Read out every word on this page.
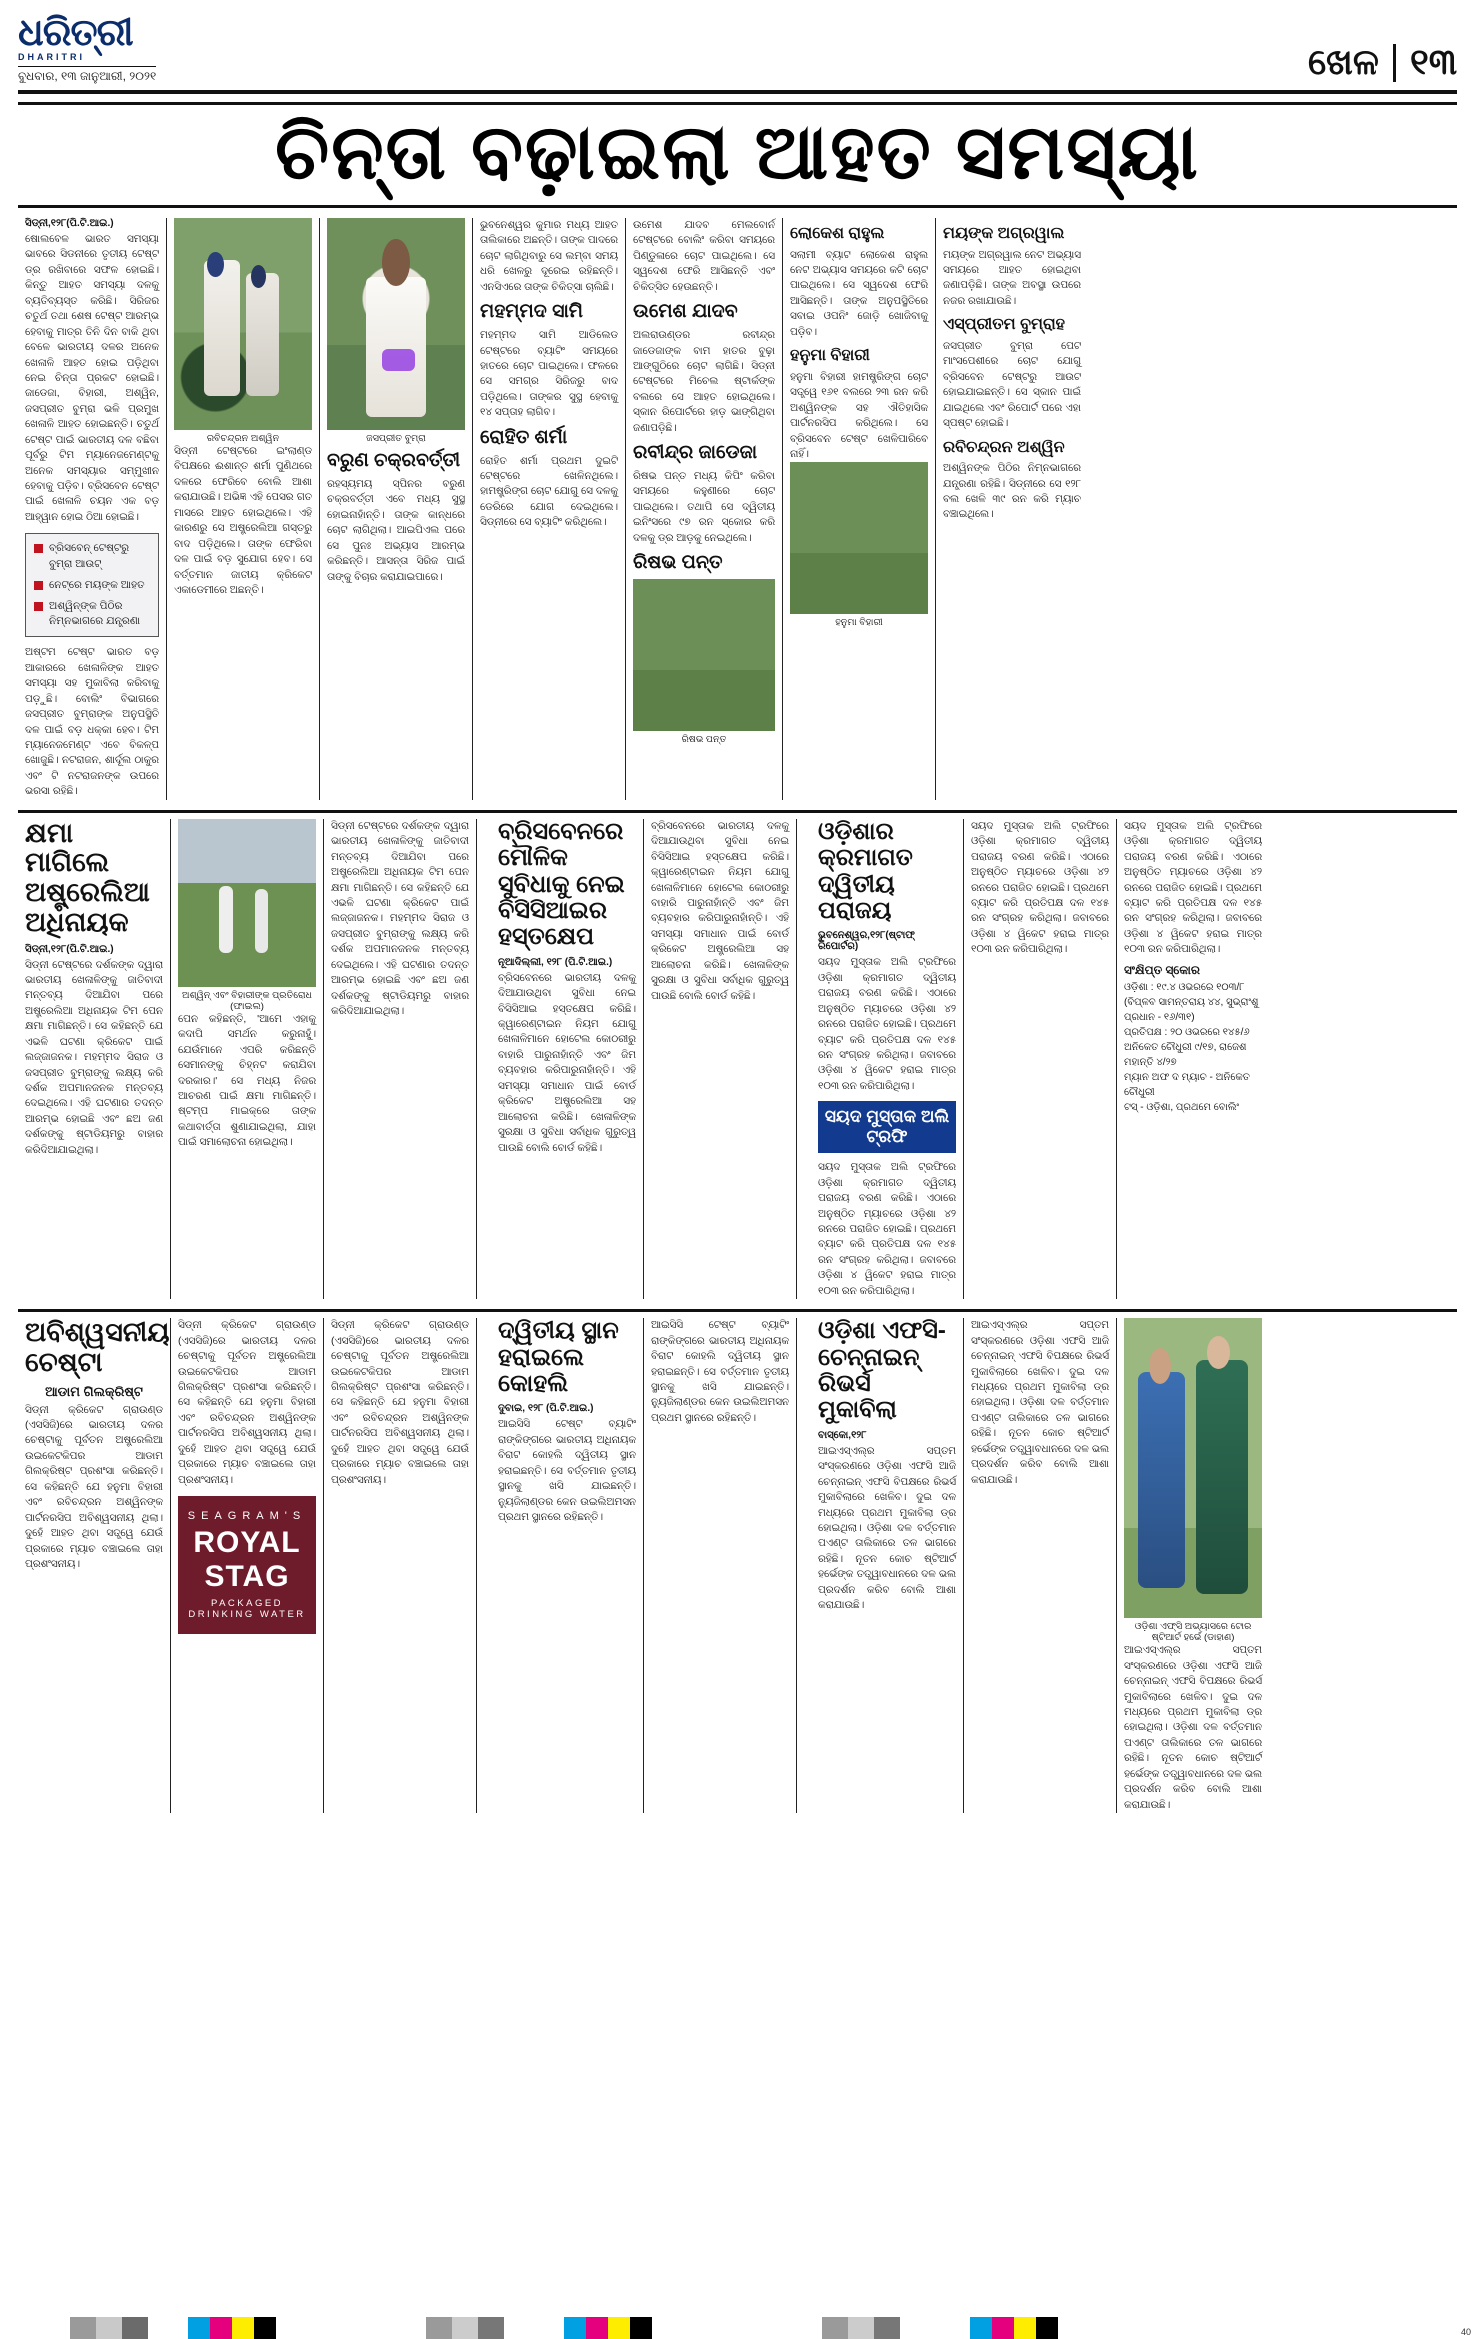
ଧରିତ୍ରୀ
DHARITRI
ବୁଧବାର, ୧୩ ଜାନୁଆରୀ, ୨୦୨୧	ଖେଳ ୧୩
ଚିନ୍ତା ବଢ଼ାଇଲା ଆହତ ସମସ୍ୟା
ସିଡ୍ନୀ,୧୨୮(ପି.ଟି.ଆଇ.)
ଷୋଲବେଳ ଭାରତ ସମସ୍ୟା ଭାବରେ ସିଡନୀରେ ତୃତୀୟ ଟେଷ୍ଟ ଡ୍ର ରଖିବାରେ ସଫଳ ହୋଇଛି। କିନ୍ତୁ ଆହତ ସମସ୍ୟା ଦଳକୁ ବ୍ୟତିବ୍ୟସ୍ତ କରିଛି। ସିରିଜର ଚତୁର୍ଥ ତଥା ଶେଷ ଟେଷ୍ଟ ଆରମ୍ଭ ହେବାକୁ ମାତ୍ର ତିନି ଦିନ ବାକି ଥିବା ବେଳେ ଭାରତୀୟ ଦଳର ଅନେକ ଖେଳାଳି ଆହତ ହୋଇ ପଡ଼ିଥିବା ନେଇ ଚିନ୍ତା ପ୍ରକଟ ହୋଇଛି। ଜାଡେଜା, ବିହାରୀ, ଅଶ୍ୱିନ, ଜସପ୍ରୀତ ବୁମ୍ରା ଭଳି ପ୍ରମୁଖ ଖେଳାଳି ଆହତ ହୋଇଛନ୍ତି। ଚତୁର୍ଥ ଟେଷ୍ଟ ପାଇଁ ଭାରତୀୟ ଦଳ ବଛିବା ପୂର୍ବରୁ ଟିମ ମ୍ୟାନେଜମେଣ୍ଟକୁ ଅନେକ ସମସ୍ୟାର ସମ୍ମୁଖୀନ ହେବାକୁ ପଡ଼ିବ। ବ୍ରିସବେନ ଟେଷ୍ଟ ପାଇଁ ଖେଳାଳି ଚୟନ ଏକ ବଡ଼ ଆହ୍ୱାନ ହୋଇ ଠିଆ ହୋଇଛି।
ବ୍ରିସବେନ୍ ଟେଷ୍ଟରୁ ବୁମ୍ରା ଆଉଟ୍
ନେଟ୍‌ରେ ମୟଙ୍କ ଆହତ
ଅଶ୍ୱିନ୍‌ଙ୍କ ପିଠିର ନିମ୍ନଭାଗରେ ଯନ୍ତ୍ରଣା
ଅଷ୍ଟମ ଟେଷ୍ଟ ଭାରତ ବଡ଼ ଆକାରରେ ଖେଳାଳିଙ୍କ ଆହତ ସମସ୍ୟା ସହ ମୁକାବିଲା କରିବାକୁ ପଡ଼ୁଛି। ବୋଲିଂ ବିଭାଗରେ ଜସପ୍ରୀତ ବୁମ୍ରାଙ୍କ ଅନୁପସ୍ଥିତି ଦଳ ପାଇଁ ବଡ଼ ଧକ୍କା ହେବ। ଟିମ ମ୍ୟାନେଜମେଣ୍ଟ ଏବେ ବିକଳ୍ପ ଖୋଜୁଛି। ନଟରାଜନ, ଶାର୍ଦୂଲ ଠାକୁର ଏବଂ ଟି ନଟରାଜନଙ୍କ ଉପରେ ଭରସା ରହିଛି।
ରବିଚନ୍ଦ୍ରନ ଅଶ୍ୱିନ
ସିଡ୍ନୀ ଟେଷ୍ଟରେ ଇଂଲାଣ୍ଡ ବିପକ୍ଷରେ ଈଶାନ୍ତ ଶର୍ମା ପୁଣିଥରେ ଦଳରେ ଫେରିବେ ବୋଲି ଆଶା କରାଯାଉଛି। ଅଭିଜ୍ଞ ଏହି ପେସର ଗତ ମାସରେ ଆହତ ହୋଇଥିଲେ। ଏହି କାରଣରୁ ସେ ଅଷ୍ଟ୍ରେଲିଆ ଗସ୍ତରୁ ବାଦ ପଡ଼ିଥିଲେ। ତାଙ୍କ ଫେରିବା ଦଳ ପାଇଁ ବଡ଼ ସୁଯୋଗ ହେବ। ସେ ବର୍ତ୍ତମାନ ଜାତୀୟ କ୍ରିକେଟ ଏକାଡେମୀରେ ଅଛନ୍ତି।
ଜସପ୍ରୀତ ବୁମ୍ରା
ବରୁଣ ଚକ୍ରବର୍ତ୍ତୀ
ରହସ୍ୟମୟ ସ୍ପିନର ବରୁଣ ଚକ୍ରବର୍ତ୍ତୀ ଏବେ ମଧ୍ୟ ସୁସ୍ଥ ହୋଇନାହାଁନ୍ତି। ତାଙ୍କ କାନ୍ଧରେ ଚୋଟ ଲାଗିଥିଲା। ଆଇପିଏଲ ପରେ ସେ ପୁନଃ ଅଭ୍ୟାସ ଆରମ୍ଭ କରିଛନ୍ତି। ଆସନ୍ତା ସିରିଜ ପାଇଁ ତାଙ୍କୁ ବିଚାର କରାଯାଇପାରେ।
ଭୁବନେଶ୍ୱର କୁମାର ମଧ୍ୟ ଆହତ ତାଲିକାରେ ଅଛନ୍ତି। ତାଙ୍କ ପାଦରେ ଚୋଟ ଲାଗିଥିବାରୁ ସେ ଲମ୍ବା ସମୟ ଧରି ଖେଳରୁ ଦୂରେଇ ରହିଛନ୍ତି। ଏନସିଏରେ ତାଙ୍କ ଚିକିତ୍ସା ଚାଲିଛି।
ମହମ୍ମଦ ସାମି
ମହମ୍ମଦ ସାମି ଆଡିଲେଡ ଟେଷ୍ଟରେ ବ୍ୟାଟିଂ ସମୟରେ ହାତରେ ଚୋଟ ପାଇଥିଲେ। ଫଳରେ ସେ ସମଗ୍ର ସିରିଜରୁ ବାଦ ପଡ଼ିଥିଲେ। ତାଙ୍କର ସୁସ୍ଥ ହେବାକୁ ୧୪ ସପ୍ତାହ ଲାଗିବ।
ରୋହିତ ଶର୍ମା
ରୋହିତ ଶର୍ମା ପ୍ରଥମ ଦୁଇଟି ଟେଷ୍ଟରେ ଖେଳିନଥିଲେ। ହାମଷ୍ଟ୍ରିଙ୍ଗ ଚୋଟ ଯୋଗୁ ସେ ଦଳକୁ ଡେରିରେ ଯୋଗ ଦେଇଥିଲେ। ସିଡ୍ନୀରେ ସେ ବ୍ୟାଟିଂ କରିଥିଲେ।
ଉମେଶ ଯାଦବ ମେଲବୋର୍ନ ଟେଷ୍ଟରେ ବୋଲିଂ କରିବା ସମୟରେ ପିଣ୍ଡୁଳାରେ ଚୋଟ ପାଇଥିଲେ। ସେ ସ୍ୱଦେଶ ଫେରି ଆସିଛନ୍ତି ଏବଂ ଚିକିତ୍ସିତ ହେଉଛନ୍ତି।
ଉମେଶ ଯାଦବ
ଅଲରାଉଣ୍ଡର ରବୀନ୍ଦ୍ର ଜାଡେଜାଙ୍କ ବାମ ହାତର ବୁଢ଼ା ଆଙ୍ଗୁଠିରେ ଚୋଟ ଲାଗିଛି। ସିଡ୍ନୀ ଟେଷ୍ଟରେ ମିଚେଲ ଷ୍ଟାର୍କଙ୍କ ବଲରେ ସେ ଆହତ ହୋଇଥିଲେ। ସ୍କାନ ରିପୋର୍ଟରେ ହାଡ଼ ଭାଙ୍ଗିଥିବା ଜଣାପଡ଼ିଛି।
ରବୀନ୍ଦ୍ର ଜାଡେଜା
ରିଷଭ ପନ୍ତ ମଧ୍ୟ କିପିଂ କରିବା ସମୟରେ କହୁଣୀରେ ଚୋଟ ପାଇଥିଲେ। ତଥାପି ସେ ଦ୍ୱିତୀୟ ଇନିଂସରେ ୯୭ ରନ ସ୍କୋର କରି ଦଳକୁ ଡ୍ର ଆଡ଼କୁ ନେଇଥିଲେ।
ରିଷଭ ପନ୍ତ
ରିଷଭ ପନ୍ତ
ଲୋକେଶ ରାହୁଲ
ସଲାମୀ ବ୍ୟାଟ ଲୋକେଶ ରାହୁଲ ନେଟ ଅଭ୍ୟାସ ସମୟରେ କଟି ଚୋଟ ପାଇଥିଲେ। ସେ ସ୍ୱଦେଶ ଫେରି ଆସିଛନ୍ତି। ତାଙ୍କ ଅନୁପସ୍ଥିତିରେ ସବାଇ ଓପନିଂ ଜୋଡ଼ି ଖୋଜିବାକୁ ପଡ଼ିବ।
ହନୁମା ବିହାରୀ
ହନୁମା ବିହାରୀ ହାମଷ୍ଟ୍ରିଙ୍ଗ ଚୋଟ ସତ୍ତ୍ୱେ ୧୬୧ ବଲରେ ୨୩ ରନ କରି ଅଶ୍ୱିନଙ୍କ ସହ ଐତିହାସିକ ପାର୍ଟନରସିପ କରିଥିଲେ। ସେ ବ୍ରିସବେନ ଟେଷ୍ଟ ଖେଳିପାରିବେ ନାହିଁ।
ହନୁମା ବିହାରୀ
ମୟଙ୍କ ଅଗ୍ରୱାଲ
ମୟଙ୍କ ଅଗ୍ରୱାଲ ନେଟ ଅଭ୍ୟାସ ସମୟରେ ଆହତ ହୋଇଥିବା ଜଣାପଡ଼ିଛି। ତାଙ୍କ ଅବସ୍ଥା ଉପରେ ନଜର ରଖାଯାଉଛି।
ଏସ୍‌ପ୍ରୀତମ ବୁମ୍ରାହ
ଜସପ୍ରୀତ ବୁମ୍ରା ପେଟ ମାଂସପେଶୀରେ ଚୋଟ ଯୋଗୁ ବ୍ରିସବେନ ଟେଷ୍ଟରୁ ଆଉଟ ହୋଇଯାଇଛନ୍ତି। ସେ ସ୍କାନ ପାଇଁ ଯାଇଥିଲେ ଏବଂ ରିପୋର୍ଟ ପରେ ଏହା ସ୍ପଷ୍ଟ ହୋଇଛି।
ରବିଚନ୍ଦ୍ରନ ଅଶ୍ୱିନ
ଅଶ୍ୱିନଙ୍କ ପିଠିର ନିମ୍ନଭାଗରେ ଯନ୍ତ୍ରଣା ରହିଛି। ସିଡ୍ନୀରେ ସେ ୧୨୮ ବଲ ଖେଳି ୩୯ ରନ କରି ମ୍ୟାଚ ବଞ୍ଚାଇଥିଲେ।
କ୍ଷମା ମାଗିଲେ ଅଷ୍ଟ୍ରେଲିଆ ଅଧିନାୟକ
ସିଡ୍ନୀ,୧୨୮(ପି.ଟି.ଆଇ.)
ସିଡ୍ନୀ ଟେଷ୍ଟରେ ଦର୍ଶକଙ୍କ ଦ୍ୱାରା ଭାରତୀୟ ଖେଳାଳିଙ୍କୁ ଜାତିବାଦୀ ମନ୍ତବ୍ୟ ଦିଆଯିବା ପରେ ଅଷ୍ଟ୍ରେଲିଆ ଅଧିନାୟକ ଟିମ ପେନ କ୍ଷମା ମାଗିଛନ୍ତି। ସେ କହିଛନ୍ତି ଯେ ଏଭଳି ଘଟଣା କ୍ରିକେଟ ପାଇଁ ଲଜ୍ଜାଜନକ। ମହମ୍ମଦ ସିରାଜ ଓ ଜସପ୍ରୀତ ବୁମ୍ରାଙ୍କୁ ଲକ୍ଷ୍ୟ କରି ଦର୍ଶକ ଅପମାନଜନକ ମନ୍ତବ୍ୟ ଦେଇଥିଲେ। ଏହି ଘଟଣାର ତଦନ୍ତ ଆରମ୍ଭ ହୋଇଛି ଏବଂ ଛଅ ଜଣ ଦର୍ଶକଙ୍କୁ ଷ୍ଟାଡିୟମରୁ ବାହାର କରିଦିଆଯାଇଥିଲା।
ଅଶ୍ୱିନ୍ ଏବଂ ବିହାରୀଙ୍କ ପ୍ରତିରୋଧ (ଫାଇଲ)
ପେନ କହିଛନ୍ତି, 'ଆମେ ଏହାକୁ କଦାପି ସମର୍ଥନ କରୁନାହୁଁ। ଯେଉଁମାନେ ଏପରି କରିଛନ୍ତି ସେମାନଙ୍କୁ ଚିହ୍ନଟ କରାଯିବା ଦରକାର।' ସେ ମଧ୍ୟ ନିଜର ଆଚରଣ ପାଇଁ କ୍ଷମା ମାଗିଛନ୍ତି। ଷ୍ଟମ୍ପ ମାଇକ୍‌ରେ ତାଙ୍କ କଥାବାର୍ତ୍ତା ଶୁଣାଯାଇଥିଲା, ଯାହା ପାଇଁ ସମାଲୋଚନା ହୋଇଥିଲା।
ସିଡ୍ନୀ ଟେଷ୍ଟରେ ଦର୍ଶକଙ୍କ ଦ୍ୱାରା ଭାରତୀୟ ଖେଳାଳିଙ୍କୁ ଜାତିବାଦୀ ମନ୍ତବ୍ୟ ଦିଆଯିବା ପରେ ଅଷ୍ଟ୍ରେଲିଆ ଅଧିନାୟକ ଟିମ ପେନ କ୍ଷମା ମାଗିଛନ୍ତି। ସେ କହିଛନ୍ତି ଯେ ଏଭଳି ଘଟଣା କ୍ରିକେଟ ପାଇଁ ଲଜ୍ଜାଜନକ। ମହମ୍ମଦ ସିରାଜ ଓ ଜସପ୍ରୀତ ବୁମ୍ରାଙ୍କୁ ଲକ୍ଷ୍ୟ କରି ଦର୍ଶକ ଅପମାନଜନକ ମନ୍ତବ୍ୟ ଦେଇଥିଲେ। ଏହି ଘଟଣାର ତଦନ୍ତ ଆରମ୍ଭ ହୋଇଛି ଏବଂ ଛଅ ଜଣ ଦର୍ଶକଙ୍କୁ ଷ୍ଟାଡିୟମରୁ ବାହାର କରିଦିଆଯାଇଥିଲା।
ବ୍ରିସବେନରେ ମୌଳିକ ସୁବିଧାକୁ ନେଇ ବିସିସିଆଇର ହସ୍ତକ୍ଷେପ
ନୂଆଦିଲ୍ଲୀ, ୧୨୮ (ପି.ଟି.ଆଇ.)
ବ୍ରିସବେନରେ ଭାରତୀୟ ଦଳକୁ ଦିଆଯାଉଥିବା ସୁବିଧା ନେଇ ବିସିସିଆଇ ହସ୍ତକ୍ଷେପ କରିଛି। କ୍ୱାରେଣ୍ଟାଇନ ନିୟମ ଯୋଗୁ ଖେଳାଳିମାନେ ହୋଟେଲ କୋଠରୀରୁ ବାହାରି ପାରୁନାହାଁନ୍ତି ଏବଂ ଜିମ ବ୍ୟବହାର କରିପାରୁନାହାଁନ୍ତି। ଏହି ସମସ୍ୟା ସମାଧାନ ପାଇଁ ବୋର୍ଡ କ୍ରିକେଟ ଅଷ୍ଟ୍ରେଲିଆ ସହ ଆଲୋଚନା କରିଛି। ଖେଳାଳିଙ୍କ ସୁରକ୍ଷା ଓ ସୁବିଧା ସର୍ବାଧିକ ଗୁରୁତ୍ୱ ପାଉଛି ବୋଲି ବୋର୍ଡ କହିଛି।
ବ୍ରିସବେନରେ ଭାରତୀୟ ଦଳକୁ ଦିଆଯାଉଥିବା ସୁବିଧା ନେଇ ବିସିସିଆଇ ହସ୍ତକ୍ଷେପ କରିଛି। କ୍ୱାରେଣ୍ଟାଇନ ନିୟମ ଯୋଗୁ ଖେଳାଳିମାନେ ହୋଟେଲ କୋଠରୀରୁ ବାହାରି ପାରୁନାହାଁନ୍ତି ଏବଂ ଜିମ ବ୍ୟବହାର କରିପାରୁନାହାଁନ୍ତି। ଏହି ସମସ୍ୟା ସମାଧାନ ପାଇଁ ବୋର୍ଡ କ୍ରିକେଟ ଅଷ୍ଟ୍ରେଲିଆ ସହ ଆଲୋଚନା କରିଛି। ଖେଳାଳିଙ୍କ ସୁରକ୍ଷା ଓ ସୁବିଧା ସର୍ବାଧିକ ଗୁରୁତ୍ୱ ପାଉଛି ବୋଲି ବୋର୍ଡ କହିଛି।
ଓଡ଼ିଶାର କ୍ରମାଗତ ଦ୍ୱିତୀୟ ପରାଜୟ
ଭୁବନେଶ୍ୱର,୧୨୮(ଷ୍ଟାଫ୍ ରିପୋର୍ଟର)
ସୟଦ ମୁସ୍ତାକ ଅଲି ଟ୍ରଫିରେ ଓଡ଼ିଶା କ୍ରମାଗତ ଦ୍ୱିତୀୟ ପରାଜୟ ବରଣ କରିଛି। ଏଠାରେ ଅନୁଷ୍ଠିତ ମ୍ୟାଚରେ ଓଡ଼ିଶା ୪୨ ରନରେ ପରାଜିତ ହୋଇଛି। ପ୍ରଥମେ ବ୍ୟାଟ କରି ପ୍ରତିପକ୍ଷ ଦଳ ୧୪୫ ରନ ସଂଗ୍ରହ କରିଥିଲା। ଜବାବରେ ଓଡ଼ିଶା ୪ ୱିକେଟ ହରାଇ ମାତ୍ର ୧୦୩ ରନ କରିପାରିଥିଲା।
ସୟଦ ମୁସ୍ତାକ ଅଲି ଟ୍ରଫି
ସୟଦ ମୁସ୍ତାକ ଅଲି ଟ୍ରଫିରେ ଓଡ଼ିଶା କ୍ରମାଗତ ଦ୍ୱିତୀୟ ପରାଜୟ ବରଣ କରିଛି। ଏଠାରେ ଅନୁଷ୍ଠିତ ମ୍ୟାଚରେ ଓଡ଼ିଶା ୪୨ ରନରେ ପରାଜିତ ହୋଇଛି। ପ୍ରଥମେ ବ୍ୟାଟ କରି ପ୍ରତିପକ୍ଷ ଦଳ ୧୪୫ ରନ ସଂଗ୍ରହ କରିଥିଲା। ଜବାବରେ ଓଡ଼ିଶା ୪ ୱିକେଟ ହରାଇ ମାତ୍ର ୧୦୩ ରନ କରିପାରିଥିଲା।
ସୟଦ ମୁସ୍ତାକ ଅଲି ଟ୍ରଫିରେ ଓଡ଼ିଶା କ୍ରମାଗତ ଦ୍ୱିତୀୟ ପରାଜୟ ବରଣ କରିଛି। ଏଠାରେ ଅନୁଷ୍ଠିତ ମ୍ୟାଚରେ ଓଡ଼ିଶା ୪୨ ରନରେ ପରାଜିତ ହୋଇଛି। ପ୍ରଥମେ ବ୍ୟାଟ କରି ପ୍ରତିପକ୍ଷ ଦଳ ୧୪୫ ରନ ସଂଗ୍ରହ କରିଥିଲା। ଜବାବରେ ଓଡ଼ିଶା ୪ ୱିକେଟ ହରାଇ ମାତ୍ର ୧୦୩ ରନ କରିପାରିଥିଲା।
ସୟଦ ମୁସ୍ତାକ ଅଲି ଟ୍ରଫିରେ ଓଡ଼ିଶା କ୍ରମାଗତ ଦ୍ୱିତୀୟ ପରାଜୟ ବରଣ କରିଛି। ଏଠାରେ ଅନୁଷ୍ଠିତ ମ୍ୟାଚରେ ଓଡ଼ିଶା ୪୨ ରନରେ ପରାଜିତ ହୋଇଛି। ପ୍ରଥମେ ବ୍ୟାଟ କରି ପ୍ରତିପକ୍ଷ ଦଳ ୧୪୫ ରନ ସଂଗ୍ରହ କରିଥିଲା। ଜବାବରେ ଓଡ଼ିଶା ୪ ୱିକେଟ ହରାଇ ମାତ୍ର ୧୦୩ ରନ କରିପାରିଥିଲା।
ସଂକ୍ଷିପ୍ତ ସ୍କୋର
ଓଡ଼ିଶା : ୧୯.୪ ଓଭରରେ ୧୦୩/୮
(ବିପ୍ଳବ ସାମନ୍ତରାୟ ୪୪, ସୁଭ୍ରାଂଶୁ ପ୍ରଧାନ - ୧୬/୩୧)
ପ୍ରତିପକ୍ଷ : ୨୦ ଓଭରରେ ୧୪୫/୬
ଅନିକେତ ଚୌଧୁରୀ ୯/୧୭, ରାଜେଶ ମହାନ୍ତି ୪/୨୭
ମ୍ୟାନ ଅଫ ଦ ମ୍ୟାଚ - ଅନିକେତ ଚୌଧୁରୀ
ଟସ୍ - ଓଡ଼ିଶା, ପ୍ରଥମେ ବୋଲିଂ
ଅବିଶ୍ୱସନୀୟ ଚେଷ୍ଟା
ଆଡାମ ଗିଲକ୍ରିଷ୍ଟ
ସିଡ୍ନୀ କ୍ରିକେଟ ଗ୍ରାଉଣ୍ଡ (ଏସସିଜି)ରେ ଭାରତୀୟ ଦଳର ଚେଷ୍ଟାକୁ ପୂର୍ବତନ ଅଷ୍ଟ୍ରେଲିଆ ଉଇକେଟକିପର ଆଡାମ ଗିଲକ୍ରିଷ୍ଟ ପ୍ରଶଂସା କରିଛନ୍ତି। ସେ କହିଛନ୍ତି ଯେ ହନୁମା ବିହାରୀ ଏବଂ ରବିଚନ୍ଦ୍ରନ ଅଶ୍ୱିନଙ୍କ ପାର୍ଟନରସିପ ଅବିଶ୍ୱସନୀୟ ଥିଲା। ଦୁହେଁ ଆହତ ଥିବା ସତ୍ତ୍ୱେ ଯେଉଁ ପ୍ରକାରେ ମ୍ୟାଚ ବଞ୍ଚାଇଲେ ତାହା ପ୍ରଶଂସନୀୟ।
ସିଡ୍ନୀ କ୍ରିକେଟ ଗ୍ରାଉଣ୍ଡ (ଏସସିଜି)ରେ ଭାରତୀୟ ଦଳର ଚେଷ୍ଟାକୁ ପୂର୍ବତନ ଅଷ୍ଟ୍ରେଲିଆ ଉଇକେଟକିପର ଆଡାମ ଗିଲକ୍ରିଷ୍ଟ ପ୍ରଶଂସା କରିଛନ୍ତି। ସେ କହିଛନ୍ତି ଯେ ହନୁମା ବିହାରୀ ଏବଂ ରବିଚନ୍ଦ୍ରନ ଅଶ୍ୱିନଙ୍କ ପାର୍ଟନରସିପ ଅବିଶ୍ୱସନୀୟ ଥିଲା। ଦୁହେଁ ଆହତ ଥିବା ସତ୍ତ୍ୱେ ଯେଉଁ ପ୍ରକାରେ ମ୍ୟାଚ ବଞ୍ଚାଇଲେ ତାହା ପ୍ରଶଂସନୀୟ।
SEAGRAM'S
ROYAL STAG
PACKAGED DRINKING WATER
ସିଡ୍ନୀ କ୍ରିକେଟ ଗ୍ରାଉଣ୍ଡ (ଏସସିଜି)ରେ ଭାରତୀୟ ଦଳର ଚେଷ୍ଟାକୁ ପୂର୍ବତନ ଅଷ୍ଟ୍ରେଲିଆ ଉଇକେଟକିପର ଆଡାମ ଗିଲକ୍ରିଷ୍ଟ ପ୍ରଶଂସା କରିଛନ୍ତି। ସେ କହିଛନ୍ତି ଯେ ହନୁମା ବିହାରୀ ଏବଂ ରବିଚନ୍ଦ୍ରନ ଅଶ୍ୱିନଙ୍କ ପାର୍ଟନରସିପ ଅବିଶ୍ୱସନୀୟ ଥିଲା। ଦୁହେଁ ଆହତ ଥିବା ସତ୍ତ୍ୱେ ଯେଉଁ ପ୍ରକାରେ ମ୍ୟାଚ ବଞ୍ଚାଇଲେ ତାହା ପ୍ରଶଂସନୀୟ।
ଦ୍ୱିତୀୟ ସ୍ଥାନ ହରାଇଲେ କୋହଲି
ଦୁବାଇ, ୧୨୮ (ପି.ଟି.ଆଇ.)
ଆଇସିସି ଟେଷ୍ଟ ବ୍ୟାଟିଂ ରାଙ୍କିଙ୍ଗରେ ଭାରତୀୟ ଅଧିନାୟକ ବିରାଟ କୋହଲି ଦ୍ୱିତୀୟ ସ୍ଥାନ ହରାଇଛନ୍ତି। ସେ ବର୍ତ୍ତମାନ ତୃତୀୟ ସ୍ଥାନକୁ ଖସି ଯାଇଛନ୍ତି। ନ୍ୟୁଜିଲାଣ୍ଡର କେନ ଉଇଲିଅମସନ ପ୍ରଥମ ସ୍ଥାନରେ ରହିଛନ୍ତି।
ଆଇସିସି ଟେଷ୍ଟ ବ୍ୟାଟିଂ ରାଙ୍କିଙ୍ଗରେ ଭାରତୀୟ ଅଧିନାୟକ ବିରାଟ କୋହଲି ଦ୍ୱିତୀୟ ସ୍ଥାନ ହରାଇଛନ୍ତି। ସେ ବର୍ତ୍ତମାନ ତୃତୀୟ ସ୍ଥାନକୁ ଖସି ଯାଇଛନ୍ତି। ନ୍ୟୁଜିଲାଣ୍ଡର କେନ ଉଇଲିଅମସନ ପ୍ରଥମ ସ୍ଥାନରେ ରହିଛନ୍ତି।
ଓଡ଼ିଶା ଏଫସି-ଚେନ୍ନାଇନ୍ ରିଭର୍ସ ମୁକାବିଲା
ବାସ୍କୋ,୧୨୮
ଆଇଏସ୍‌ଏଲ୍‌ର ସପ୍ତମ ସଂସ୍କରଣରେ ଓଡ଼ିଶା ଏଫସି ଆଜି ଚେନ୍ନାଇନ୍ ଏଫସି ବିପକ୍ଷରେ ରିଭର୍ସ ମୁକାବିଲାରେ ଖେଳିବ। ଦୁଇ ଦଳ ମଧ୍ୟରେ ପ୍ରଥମ ମୁକାବିଲା ଡ୍ର ହୋଇଥିଲା। ଓଡ଼ିଶା ଦଳ ବର୍ତ୍ତମାନ ପଏଣ୍ଟ ତାଲିକାରେ ତଳ ଭାଗରେ ରହିଛି। ନୂତନ କୋଚ ଷ୍ଟିଆର୍ଟ ହର୍ଭେଙ୍କ ତତ୍ତ୍ୱାବଧାନରେ ଦଳ ଭଲ ପ୍ରଦର୍ଶନ କରିବ ବୋଲି ଆଶା କରାଯାଉଛି।
ଆଇଏସ୍‌ଏଲ୍‌ର ସପ୍ତମ ସଂସ୍କରଣରେ ଓଡ଼ିଶା ଏଫସି ଆଜି ଚେନ୍ନାଇନ୍ ଏଫସି ବିପକ୍ଷରେ ରିଭର୍ସ ମୁକାବିଲାରେ ଖେଳିବ। ଦୁଇ ଦଳ ମଧ୍ୟରେ ପ୍ରଥମ ମୁକାବିଲା ଡ୍ର ହୋଇଥିଲା। ଓଡ଼ିଶା ଦଳ ବର୍ତ୍ତମାନ ପଏଣ୍ଟ ତାଲିକାରେ ତଳ ଭାଗରେ ରହିଛି। ନୂତନ କୋଚ ଷ୍ଟିଆର୍ଟ ହର୍ଭେଙ୍କ ତତ୍ତ୍ୱାବଧାନରେ ଦଳ ଭଲ ପ୍ରଦର୍ଶନ କରିବ ବୋଲି ଆଶା କରାଯାଉଛି।
ଓଡ଼ିଶା ଏଫ୍‌ସି ଅଭ୍ୟାସରେ ଟୋର ଷ୍ଟିଆର୍ଟ ହର୍ଭେ (ଡାହାଣ)
ଆଇଏସ୍‌ଏଲ୍‌ର ସପ୍ତମ ସଂସ୍କରଣରେ ଓଡ଼ିଶା ଏଫସି ଆଜି ଚେନ୍ନାଇନ୍ ଏଫସି ବିପକ୍ଷରେ ରିଭର୍ସ ମୁକାବିଲାରେ ଖେଳିବ। ଦୁଇ ଦଳ ମଧ୍ୟରେ ପ୍ରଥମ ମୁକାବିଲା ଡ୍ର ହୋଇଥିଲା। ଓଡ଼ିଶା ଦଳ ବର୍ତ୍ତମାନ ପଏଣ୍ଟ ତାଲିକାରେ ତଳ ଭାଗରେ ରହିଛି। ନୂତନ କୋଚ ଷ୍ଟିଆର୍ଟ ହର୍ଭେଙ୍କ ତତ୍ତ୍ୱାବଧାନରେ ଦଳ ଭଲ ପ୍ରଦର୍ଶନ କରିବ ବୋଲି ଆଶା କରାଯାଉଛି।
40
